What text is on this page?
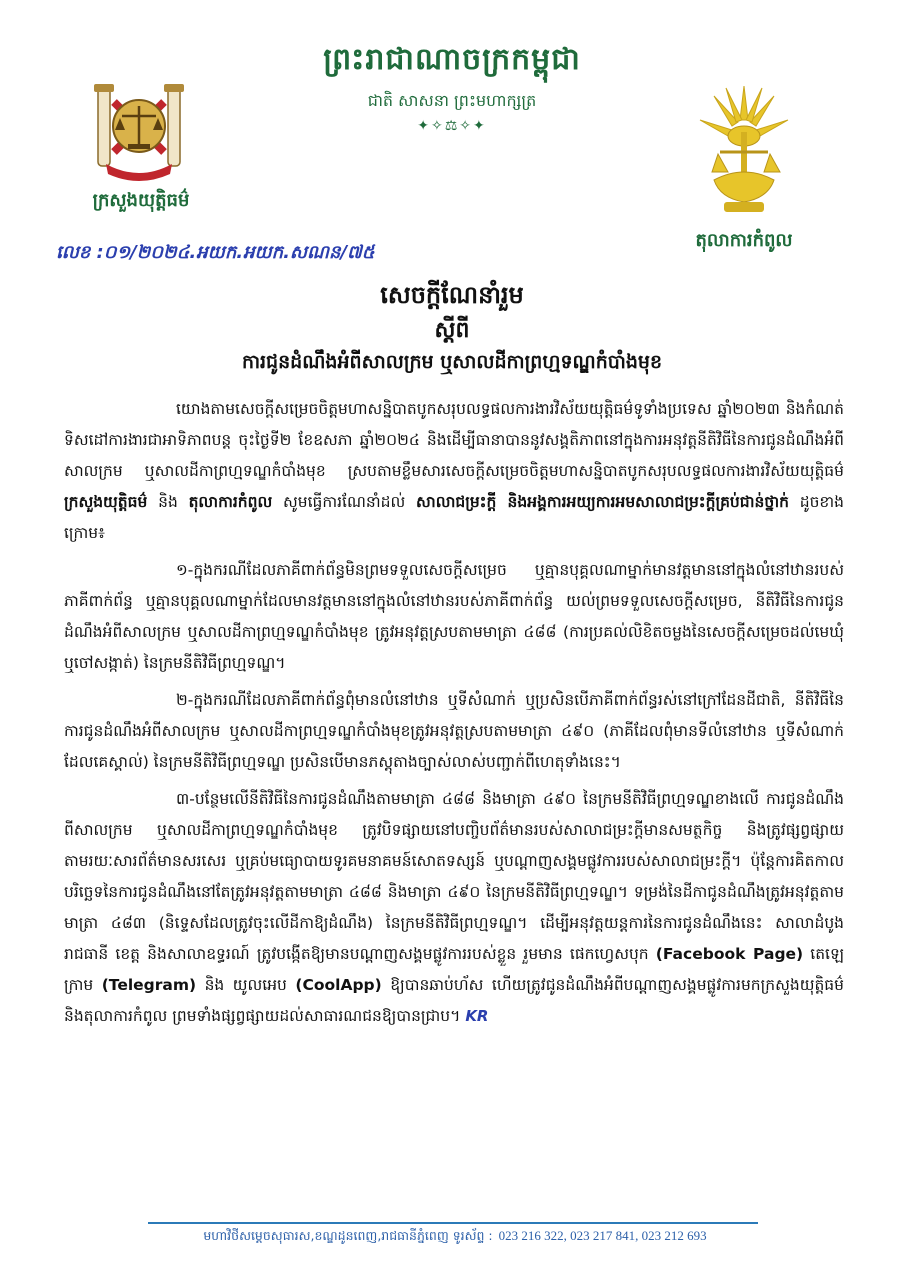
ក្រសួងយុត្តិធម៌
ព្រះរាជាណាចក្រកម្ពុជា
ជាតិ សាសនា ព្រះមហាក្សត្រ
✦✧⚖✧✦
តុលាការកំពូល
លេខ :០១/២០២៤.អយក.អយក.សណន/៧៥
សេចក្ដីណែនាំរួម
ស្ដីពី
ការជូនដំណឹងអំពីសាលក្រម ឬសាលដីកាព្រហ្មទណ្ឌកំបាំងមុខ

យោងតាមសេចក្ដីសម្រេចចិត្តមហាសន្និបាតបូកសរុបលទ្ធផលការងារវិស័យយុត្តិធម៌ទូទាំងប្រទេស ឆ្នាំ២០២៣ និងកំណត់ទិសដៅការងារជាអាទិភាពបន្ត ចុះថ្ងៃទី២ ខែឧសភា ឆ្នាំ២០២៤ និងដើម្បីធានាបាននូវសង្គតិភាពនៅក្នុងការអនុវត្តនីតិវិធីនៃការជូនដំណឹងអំពីសាលក្រម ឬសាលដីកាព្រហ្មទណ្ឌកំបាំងមុខ ស្របតាមខ្លឹមសារសេចក្ដីសម្រេចចិត្តមហាសន្និបាតបូកសរុបលទ្ធផលការងារវិស័យយុត្តិធម៌ ក្រសួងយុត្តិធម៌ និង តុលាការកំពូល សូមធ្វើការណែនាំដល់ សាលាជម្រះក្ដី និងអង្គការអយ្យការអមសាលាជម្រះក្ដីគ្រប់ជាន់ថ្នាក់ ដូចខាងក្រោម៖

១-ក្នុងករណីដែលភាគីពាក់ព័ន្ធមិនព្រមទទួលសេចក្ដីសម្រេច ឬគ្មានបុគ្គលណាម្នាក់មានវត្តមាននៅក្នុងលំនៅឋានរបស់ភាគីពាក់ព័ន្ធ ឬគ្មានបុគ្គលណាម្នាក់ដែលមានវត្តមាននៅក្នុងលំនៅឋានរបស់ភាគីពាក់ព័ន្ធ យល់ព្រមទទួលសេចក្ដីសម្រេច, នីតិវិធីនៃការជូនដំណឹងអំពីសាលក្រម ឬសាលដីកាព្រហ្មទណ្ឌកំបាំងមុខ ត្រូវអនុវត្តស្របតាមមាត្រា ៤៨៨ (ការប្រគល់លិខិតចម្លងនៃសេចក្ដីសម្រេចដល់មេឃុំ ឬចៅសង្កាត់) នៃក្រមនីតិវិធីព្រហ្មទណ្ឌ។

២-ក្នុងករណីដែលភាគីពាក់ព័ន្ធពុំមានលំនៅឋាន ឬទីសំណាក់ ឬប្រសិនបើភាគីពាក់ព័ន្ធរស់នៅក្រៅដែនដីជាតិ, នីតិវិធីនៃការជូនដំណឹងអំពីសាលក្រម ឬសាលដីកាព្រហ្មទណ្ឌកំបាំងមុខត្រូវអនុវត្តស្របតាមមាត្រា ៤៩០ (ភាគីដែលពុំមានទីលំនៅឋាន ឬទីសំណាក់ដែលគេស្គាល់) នៃក្រមនីតិវិធីព្រហ្មទណ្ឌ ប្រសិនបើមានភស្តុតាងច្បាស់លាស់បញ្ជាក់ពីហេតុទាំងនេះ។

៣-បន្ថែមលើនីតិវិធីនៃការជូនដំណឹងតាមមាត្រា ៤៨៨ និងមាត្រា ៤៩០ នៃក្រមនីតិវិធីព្រហ្មទណ្ឌខាងលើ ការជូនដំណឹងពីសាលក្រម ឬសាលដីកាព្រហ្មទណ្ឌកំបាំងមុខ ត្រូវបិទផ្សាយនៅបញ្ចិបព័ត៌មានរបស់សាលាជម្រះក្ដីមានសមត្ថកិច្ច និងត្រូវផ្សព្វផ្សាយតាមរយៈសារព័ត៌មានសរសេរ ឬគ្រប់មធ្យោបាយទូរគមនាគមន៍សោតទស្សន៍ ឬបណ្ដាញសង្គមផ្លូវការរបស់សាលាជម្រះក្ដី។ ប៉ុន្តែការគិតកាលបរិច្ឆេទនៃការជូនដំណឹងនៅតែត្រូវអនុវត្តតាមមាត្រា ៤៨៨ និងមាត្រា ៤៩០ នៃក្រមនីតិវិធីព្រហ្មទណ្ឌ។ ទម្រង់នៃដីកាជូនដំណឹងត្រូវអនុវត្តតាមមាត្រា ៤៨៣ (និទ្ទេសដែលត្រូវចុះលើដីកាឱ្យដំណឹង) នៃក្រមនីតិវិធីព្រហ្មទណ្ឌ។ ដើម្បីអនុវត្តយន្តការនៃការជូនដំណឹងនេះ សាលាដំបូងរាជធានី ខេត្ត និងសាលាឧទ្ធរណ៍ ត្រូវបង្កើតឱ្យមានបណ្ដាញសង្គមផ្លូវការរបស់ខ្លួន រួមមាន ផេកហ្វេសបុក (Facebook Page) តេឡេក្រាម (Telegram) និង យូលអេប (CoolApp) ឱ្យបានឆាប់ហ័ស ហើយត្រូវជូនដំណឹងអំពីបណ្ដាញសង្គមផ្លូវការមកក្រសួងយុត្តិធម៌ និងតុលាការកំពូល ព្រមទាំងផ្សព្វផ្សាយដល់សាធារណជនឱ្យបានជ្រាប។ KR

មហាវិថីសម្ដេចសុធារស,ខណ្ឌដូនពេញ,រាជធានីភ្នំពេញ ទូរស័ព្ទ : 023 216 322, 023 217 841, 023 212 693
